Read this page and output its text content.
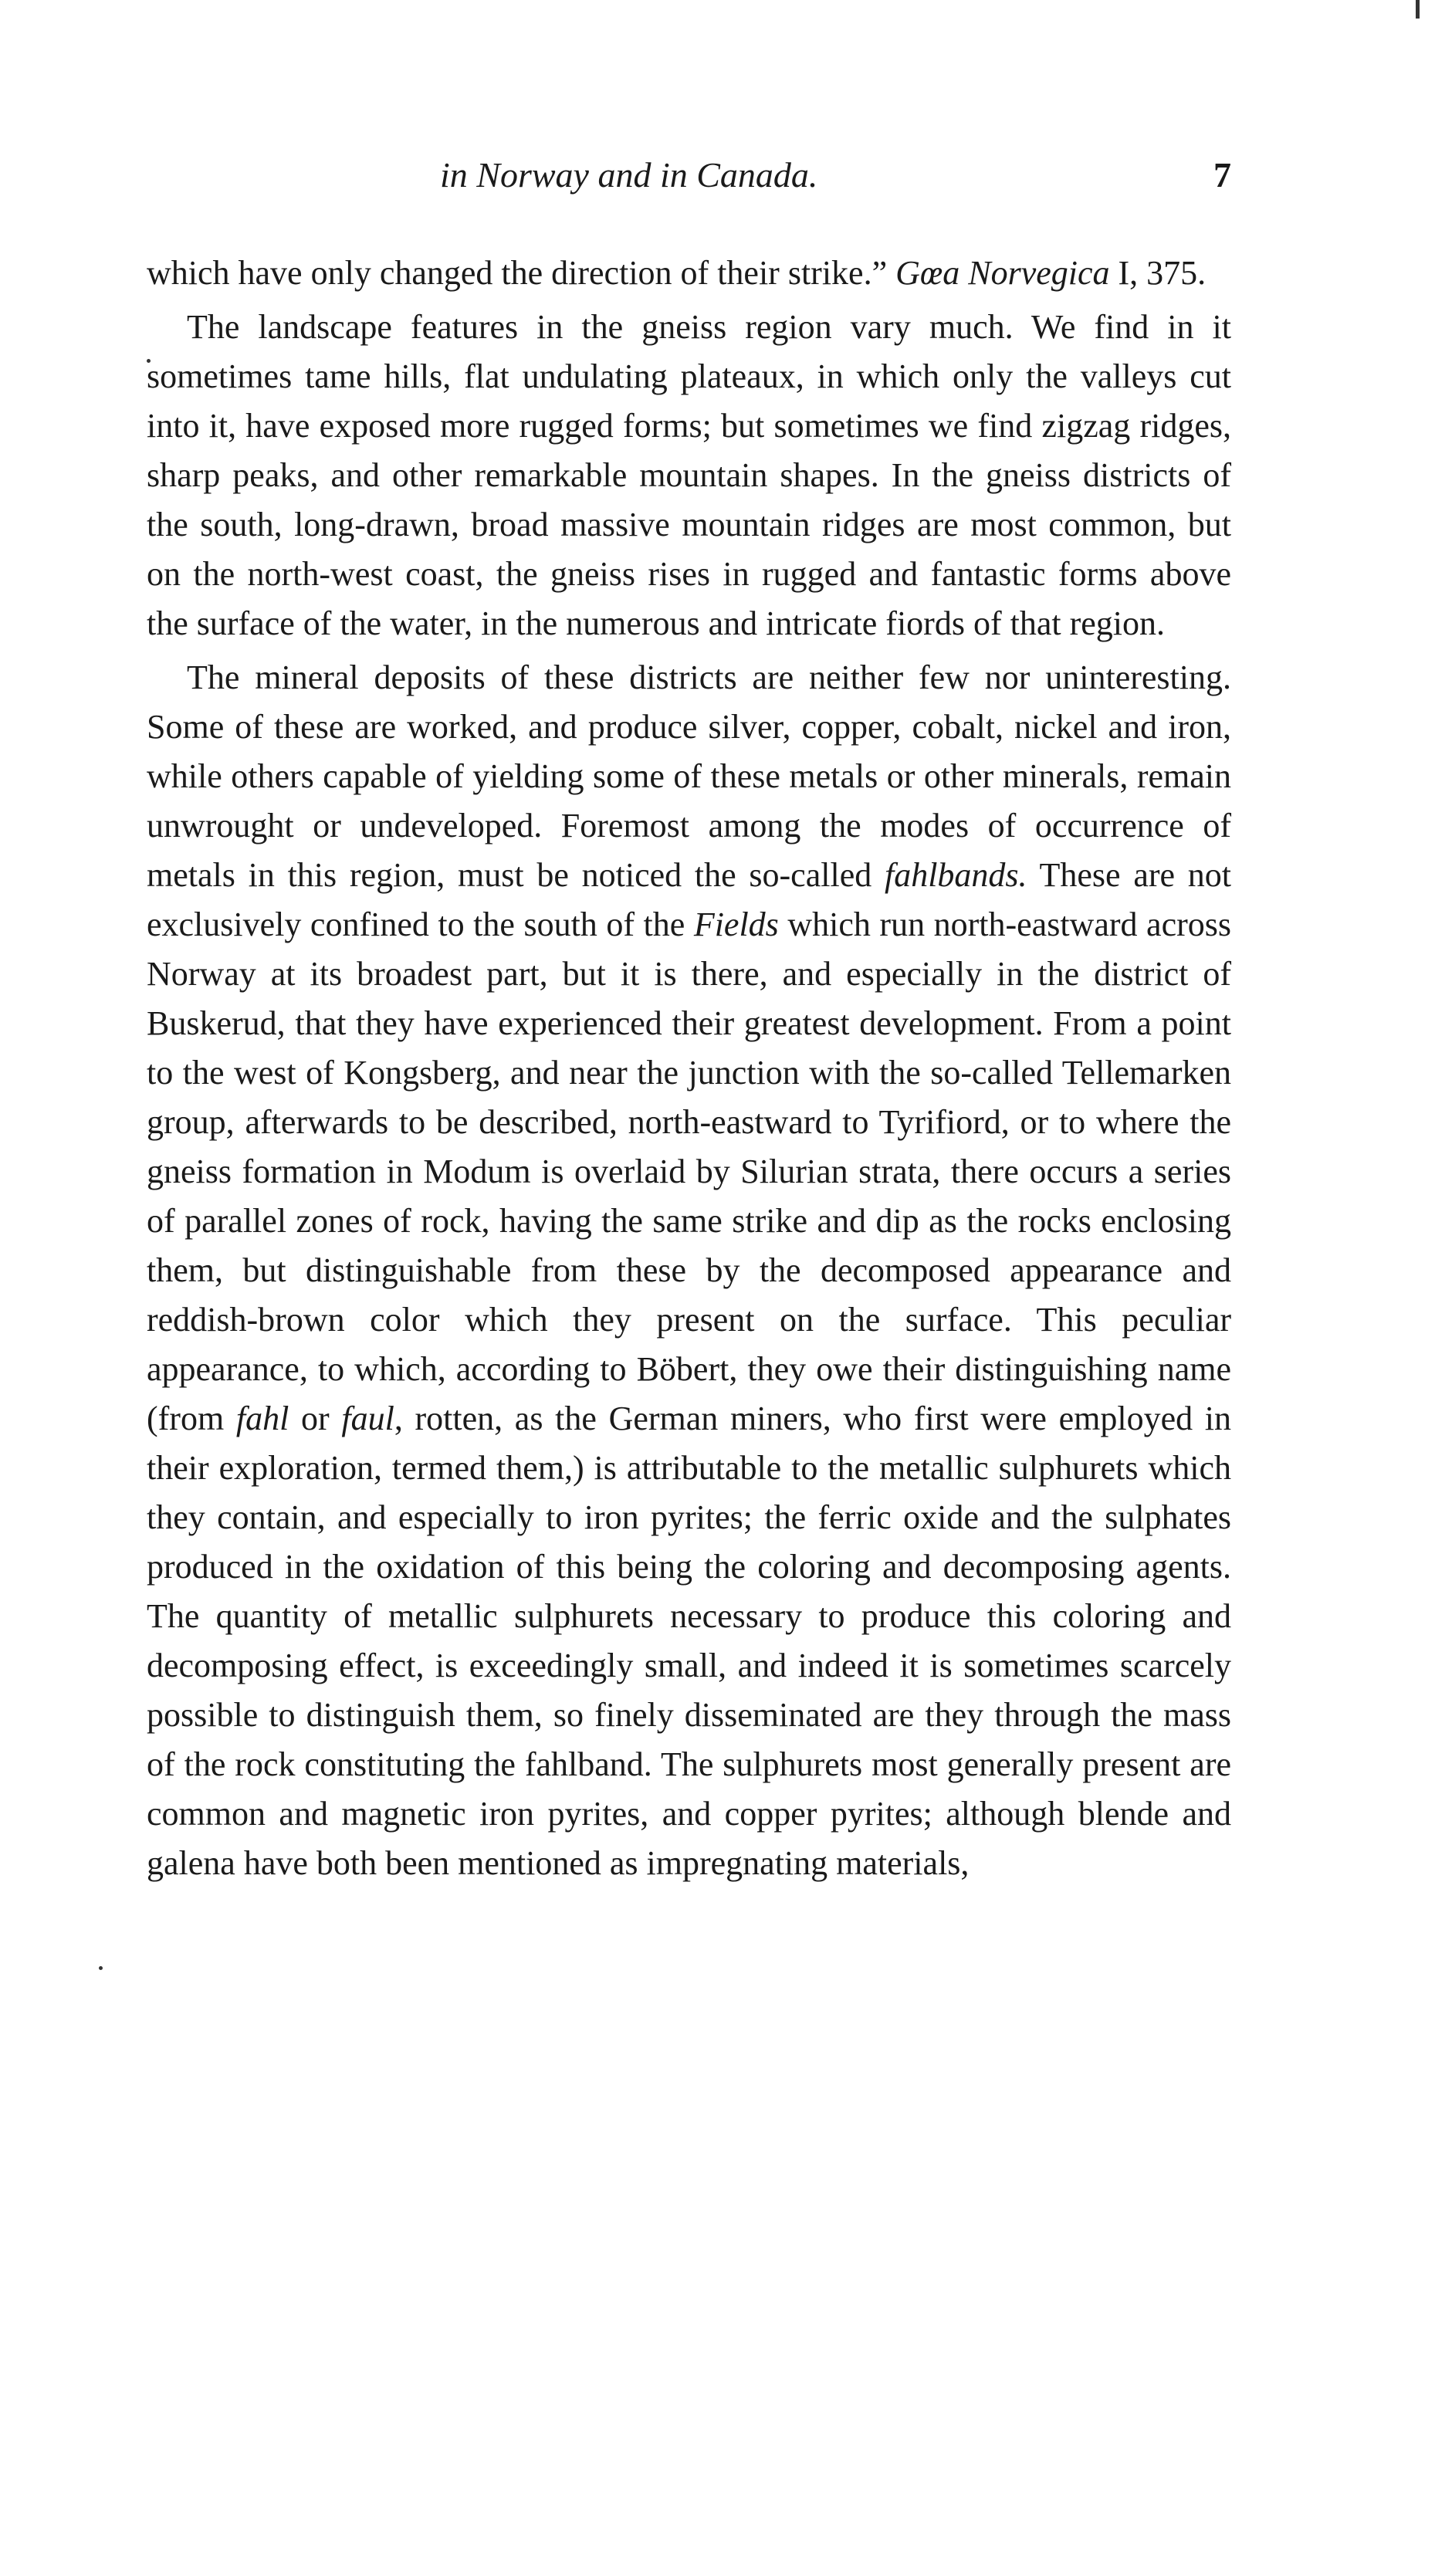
in Norway and in Canada.	7

which have only changed the direction of their strike.” Gœa Norvegica I, 375.

The landscape features in the gneiss region vary much. We find in it sometimes tame hills, flat undulating plateaux, in which only the valleys cut into it, have exposed more rugged forms; but sometimes we find zigzag ridges, sharp peaks, and other remarkable mountain shapes. In the gneiss districts of the south, long-drawn, broad massive mountain ridges are most common, but on the north-west coast, the gneiss rises in rugged and fantastic forms above the surface of the water, in the numerous and intricate fiords of that region.

The mineral deposits of these districts are neither few nor uninteresting. Some of these are worked, and produce silver, copper, cobalt, nickel and iron, while others capable of yielding some of these metals or other minerals, remain unwrought or undeveloped. Foremost among the modes of occurrence of metals in this region, must be noticed the so-called fahlbands. These are not exclusively confined to the south of the Fields which run north-eastward across Norway at its broadest part, but it is there, and especially in the district of Buskerud, that they have experienced their greatest development. From a point to the west of Kongsberg, and near the junction with the so-called Tellemarken group, afterwards to be described, north-eastward to Tyrifiord, or to where the gneiss formation in Modum is overlaid by Silurian strata, there occurs a series of parallel zones of rock, having the same strike and dip as the rocks enclosing them, but distinguishable from these by the decomposed appearance and reddish-brown color which they present on the surface. This peculiar appearance, to which, according to Böbert, they owe their distinguishing name (from fahl or faul, rotten, as the German miners, who first were employed in their exploration, termed them,) is attributable to the metallic sulphurets which they contain, and especially to iron pyrites; the ferric oxide and the sulphates produced in the oxidation of this being the coloring and decomposing agents. The quantity of metallic sulphurets necessary to produce this coloring and decomposing effect, is exceedingly small, and indeed it is sometimes scarcely possible to distinguish them, so finely disseminated are they through the mass of the rock constituting the fahlband. The sulphurets most generally present are common and magnetic iron pyrites, and copper pyrites; although blende and galena have both been mentioned as impregnating materials,
